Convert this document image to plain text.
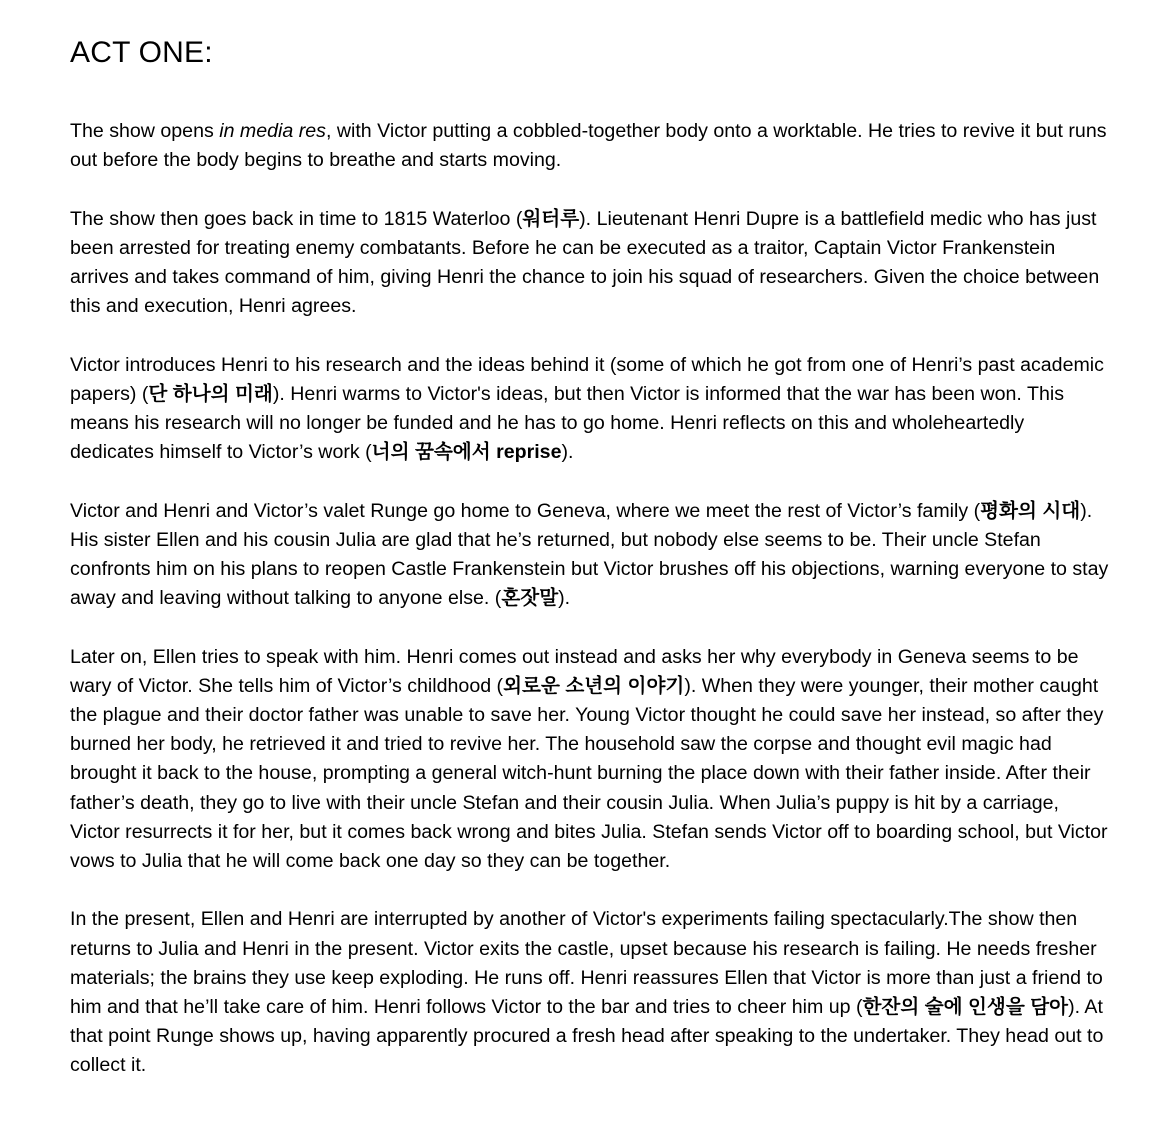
ACT ONE:

The show opens in media res, with Victor putting a cobbled-together body onto a worktable. He tries to revive it but runs out before the body begins to breathe and starts moving.

The show then goes back in time to 1815 Waterloo (워터루). Lieutenant Henri Dupre is a battlefield medic who has just been arrested for treating enemy combatants. Before he can be executed as a traitor, Captain Victor Frankenstein arrives and takes command of him, giving Henri the chance to join his squad of researchers. Given the choice between this and execution, Henri agrees.

Victor introduces Henri to his research and the ideas behind it (some of which he got from one of Henri’s past academic papers) (단 하나의 미래). Henri warms to Victor's ideas, but then Victor is informed that the war has been won. This means his research will no longer be funded and he has to go home. Henri reflects on this and wholeheartedly dedicates himself to Victor’s work (너의 꿈속에서 reprise).

Victor and Henri and Victor’s valet Runge go home to Geneva, where we meet the rest of Victor’s family (평화의 시대). His sister Ellen and his cousin Julia are glad that he’s returned, but nobody else seems to be. Their uncle Stefan confronts him on his plans to reopen Castle Frankenstein but Victor brushes off his objections, warning everyone to stay away and leaving without talking to anyone else. (혼잣말).

Later on, Ellen tries to speak with him. Henri comes out instead and asks her why everybody in Geneva seems to be wary of Victor. She tells him of Victor’s childhood (외로운 소년의 이야기). When they were younger, their mother caught the plague and their doctor father was unable to save her. Young Victor thought he could save her instead, so after they burned her body, he retrieved it and tried to revive her. The household saw the corpse and thought evil magic had brought it back to the house, prompting a general witch-hunt burning the place down with their father inside. After their father’s death, they go to live with their uncle Stefan and their cousin Julia. When Julia’s puppy is hit by a carriage, Victor resurrects it for her, but it comes back wrong and bites Julia. Stefan sends Victor off to boarding school, but Victor vows to Julia that he will come back one day so they can be together.

In the present, Ellen and Henri are interrupted by another of Victor's experiments failing spectacularly.The show then returns to Julia and Henri in the present. Victor exits the castle, upset because his research is failing. He needs fresher materials; the brains they use keep exploding. He runs off. Henri reassures Ellen that Victor is more than just a friend to him and that he’ll take care of him. Henri follows Victor to the bar and tries to cheer him up (한잔의 술에 인생을 담아). At that point Runge shows up, having apparently procured a fresh head after speaking to the undertaker. They head out to collect it.
